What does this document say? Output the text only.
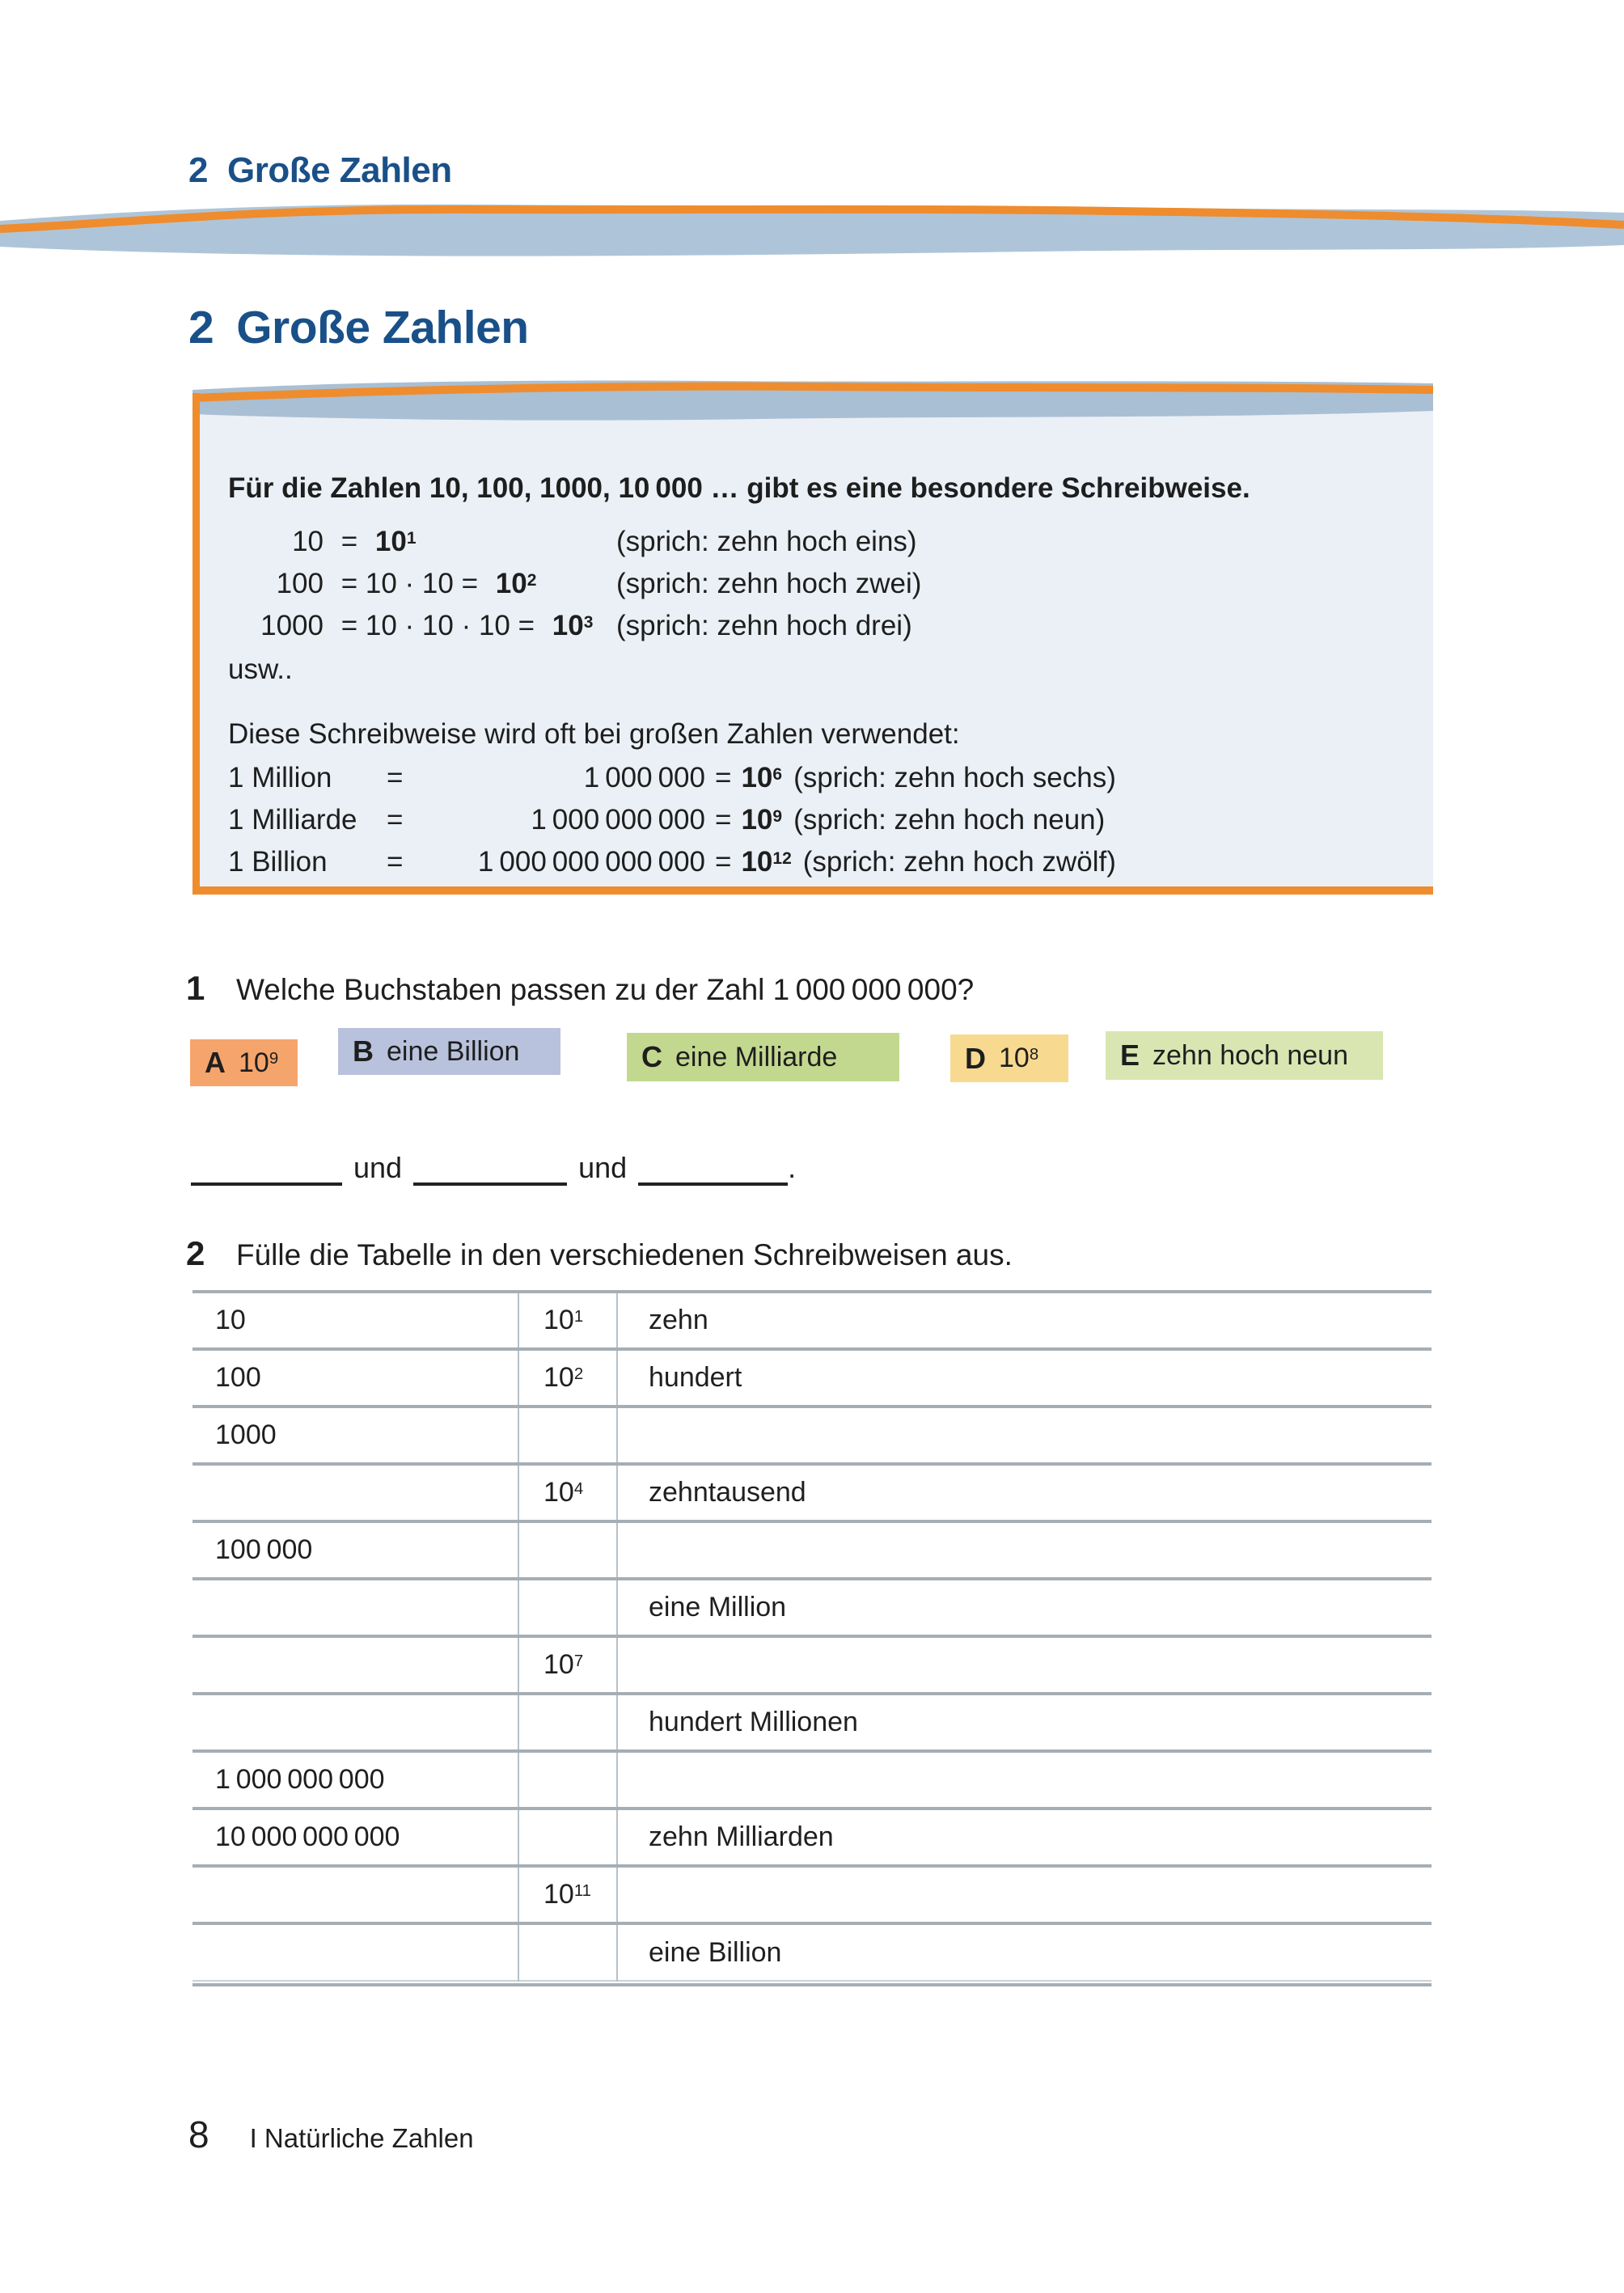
2 Große Zahlen
2 Große Zahlen

Für die Zahlen 10, 100, 1000, 10 000 … gibt es eine besondere Schreibweise.

$10 = 10^1$	(sprich: zehn hoch eins)
$100 = 10 \cdot 10 = 10^2$	(sprich: zehn hoch zwei)
$1000 = 10 \cdot 10 \cdot 10 = 10^3$ (sprich: zehn hoch drei)

usw..

Diese Schreibweise wird oft bei großen Zahlen verwendet:

1 Million	=	1 000 $000 = 10^6$ (sprich: zehn hoch sechs)
1 Milliarde	=	1 000 000 $000 = 10^9$ (sprich: zehn hoch neun)
1 Billion	=	1 000 000 000 $000 = 10^{12}$ (sprich: zehn hoch zwölf)
1 Welche Buchstaben passen zu der Zahl 1 000 000 000?
A $10^9$	B eine Billion	C eine Milliarde	D $10^8$	E zehn hoch neun
und	und	.
2 Fülle die Tabelle in den verschiedenen Schreibweisen aus.
10	$10^1$	zehn
100	$10^2$	hundert
1000		
	$10^4$	zehntausend
100 000		
		eine Million
	$10^7$	
		hundert Millionen
1 000 000 000		
10 000 000 000		zehn Milliarden
	$10^{11}$	
		eine Billion
8 I Natürliche Zahlen
